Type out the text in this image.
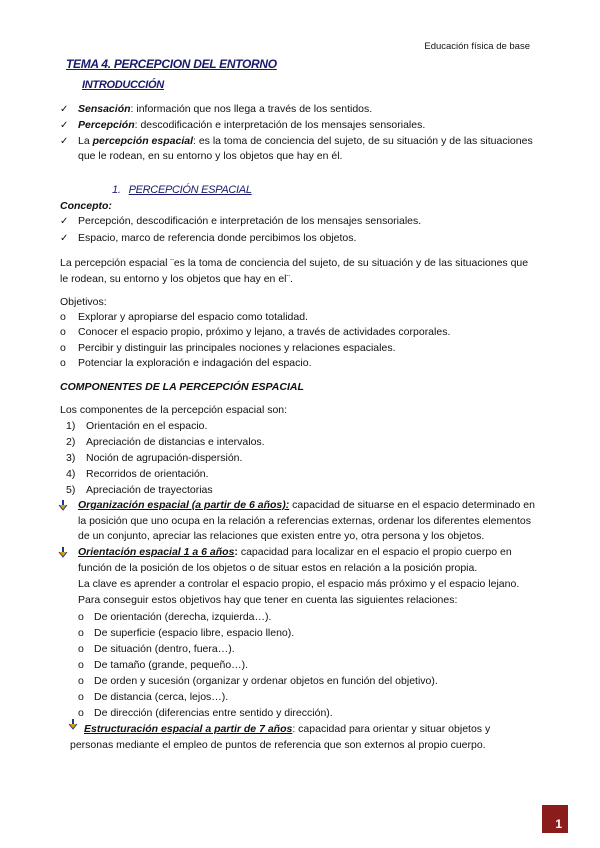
Educación física de base
TEMA 4. PERCEPCION DEL ENTORNO
INTRODUCCIÓN
✓ Sensación: información que nos llega a través de los sentidos.
✓ Percepción: descodificación e interpretación de los mensajes sensoriales.
✓ La percepción espacial: es la toma de conciencia del sujeto, de su situación y de las situaciones
que le rodean, en su entorno y los objetos que hay en él.
1. PERCEPCIÓN ESPACIAL
Concepto:
✓ Percepción, descodificación e interpretación de los mensajes sensoriales.
✓ Espacio, marco de referencia donde percibimos los objetos.
La percepción espacial ¨es la toma de conciencia del sujeto, de su situación y de las situaciones que
le rodean, su entorno y los objetos que hay en el¨.
Objetivos:
o Explorar y apropiarse del espacio como totalidad.
o Conocer el espacio propio, próximo y lejano, a través de actividades corporales.
o Percibir y distinguir las principales nociones y relaciones espaciales.
o Potenciar la exploración e indagación del espacio.
COMPONENTES DE LA PERCEPCIÓN ESPACIAL
Los componentes de la percepción espacial son:
1) Orientación en el espacio.
2) Apreciación de distancias e intervalos.
3) Noción de agrupación-dispersión.
4) Recorridos de orientación.
5) Apreciación de trayectorias
Organización espacial (a partir de 6 años): capacidad de situarse en el espacio determinado en
la posición que uno ocupa en la relación a referencias externas, ordenar los diferentes elementos
de un conjunto, apreciar las relaciones que existen entre yo, otra persona y los objetos.
Orientación espacial 1 a 6 años: capacidad para localizar en el espacio el propio cuerpo en
función de la posición de los objetos o de situar estos en relación a la posición propia.
La clave es aprender a controlar el espacio propio, el espacio más próximo y el espacio lejano.
Para conseguir estos objetivos hay que tener en cuenta las siguientes relaciones:
o De orientación (derecha, izquierda…).
o De superficie (espacio libre, espacio lleno).
o De situación (dentro, fuera…).
o De tamaño (grande, pequeño…).
o De orden y sucesión (organizar y ordenar objetos en función del objetivo).
o De distancia (cerca, lejos…).
o De dirección (diferencias entre sentido y dirección).
Estructuración espacial a partir de 7 años: capacidad para orientar y situar objetos y
personas mediante el empleo de puntos de referencia que son externos al propio cuerpo.
1
